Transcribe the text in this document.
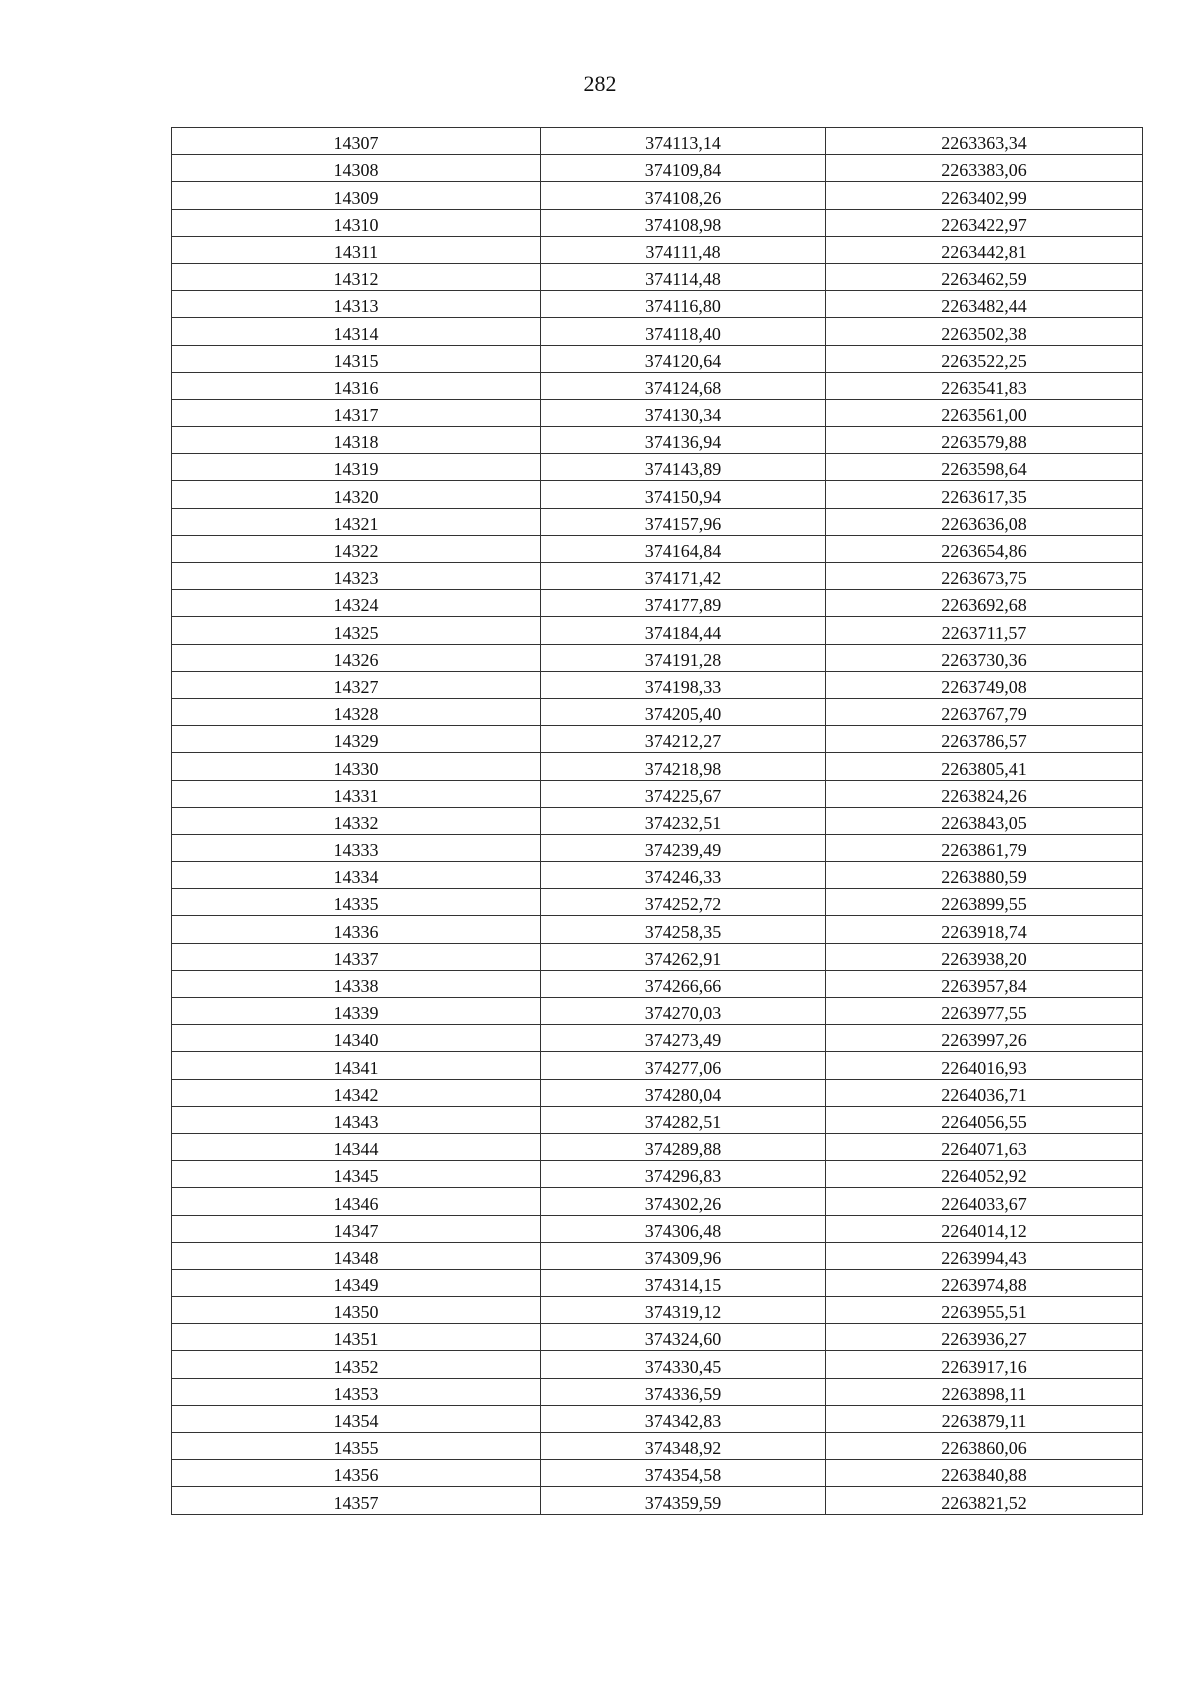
282
14307	374113,14	2263363,34
14308	374109,84	2263383,06
14309	374108,26	2263402,99
14310	374108,98	2263422,97
14311	374111,48	2263442,81
14312	374114,48	2263462,59
14313	374116,80	2263482,44
14314	374118,40	2263502,38
14315	374120,64	2263522,25
14316	374124,68	2263541,83
14317	374130,34	2263561,00
14318	374136,94	2263579,88
14319	374143,89	2263598,64
14320	374150,94	2263617,35
14321	374157,96	2263636,08
14322	374164,84	2263654,86
14323	374171,42	2263673,75
14324	374177,89	2263692,68
14325	374184,44	2263711,57
14326	374191,28	2263730,36
14327	374198,33	2263749,08
14328	374205,40	2263767,79
14329	374212,27	2263786,57
14330	374218,98	2263805,41
14331	374225,67	2263824,26
14332	374232,51	2263843,05
14333	374239,49	2263861,79
14334	374246,33	2263880,59
14335	374252,72	2263899,55
14336	374258,35	2263918,74
14337	374262,91	2263938,20
14338	374266,66	2263957,84
14339	374270,03	2263977,55
14340	374273,49	2263997,26
14341	374277,06	2264016,93
14342	374280,04	2264036,71
14343	374282,51	2264056,55
14344	374289,88	2264071,63
14345	374296,83	2264052,92
14346	374302,26	2264033,67
14347	374306,48	2264014,12
14348	374309,96	2263994,43
14349	374314,15	2263974,88
14350	374319,12	2263955,51
14351	374324,60	2263936,27
14352	374330,45	2263917,16
14353	374336,59	2263898,11
14354	374342,83	2263879,11
14355	374348,92	2263860,06
14356	374354,58	2263840,88
14357	374359,59	2263821,52
